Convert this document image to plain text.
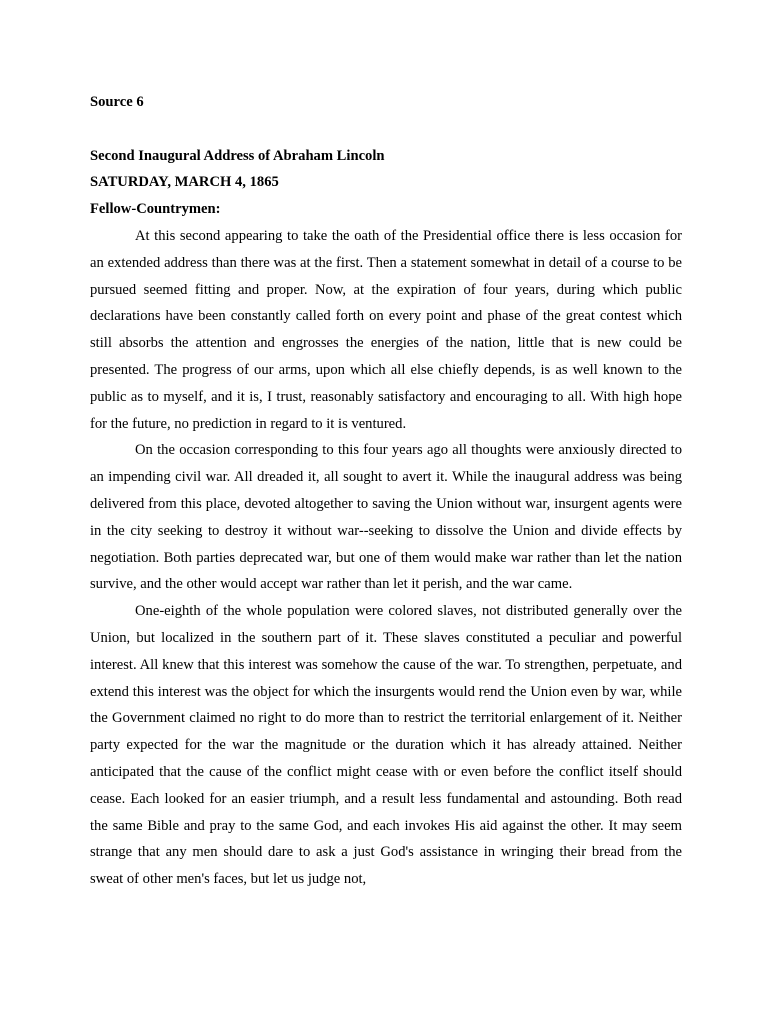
Source 6

Second Inaugural Address of Abraham Lincoln

SATURDAY, MARCH 4, 1865

Fellow-Countrymen:

At this second appearing to take the oath of the Presidential office there is less occasion for an extended address than there was at the first. Then a statement somewhat in detail of a course to be pursued seemed fitting and proper. Now, at the expiration of four years, during which public declarations have been constantly called forth on every point and phase of the great contest which still absorbs the attention and engrosses the energies of the nation, little that is new could be presented. The progress of our arms, upon which all else chiefly depends, is as well known to the public as to myself, and it is, I trust, reasonably satisfactory and encouraging to all. With high hope for the future, no prediction in regard to it is ventured.

On the occasion corresponding to this four years ago all thoughts were anxiously directed to an impending civil war. All dreaded it, all sought to avert it. While the inaugural address was being delivered from this place, devoted altogether to saving the Union without war, insurgent agents were in the city seeking to destroy it without war--seeking to dissolve the Union and divide effects by negotiation. Both parties deprecated war, but one of them would make war rather than let the nation survive, and the other would accept war rather than let it perish, and the war came.

One-eighth of the whole population were colored slaves, not distributed generally over the Union, but localized in the southern part of it. These slaves constituted a peculiar and powerful interest. All knew that this interest was somehow the cause of the war. To strengthen, perpetuate, and extend this interest was the object for which the insurgents would rend the Union even by war, while the Government claimed no right to do more than to restrict the territorial enlargement of it. Neither party expected for the war the magnitude or the duration which it has already attained. Neither anticipated that the cause of the conflict might cease with or even before the conflict itself should cease. Each looked for an easier triumph, and a result less fundamental and astounding. Both read the same Bible and pray to the same God, and each invokes His aid against the other. It may seem strange that any men should dare to ask a just God's assistance in wringing their bread from the sweat of other men's faces, but let us judge not,
